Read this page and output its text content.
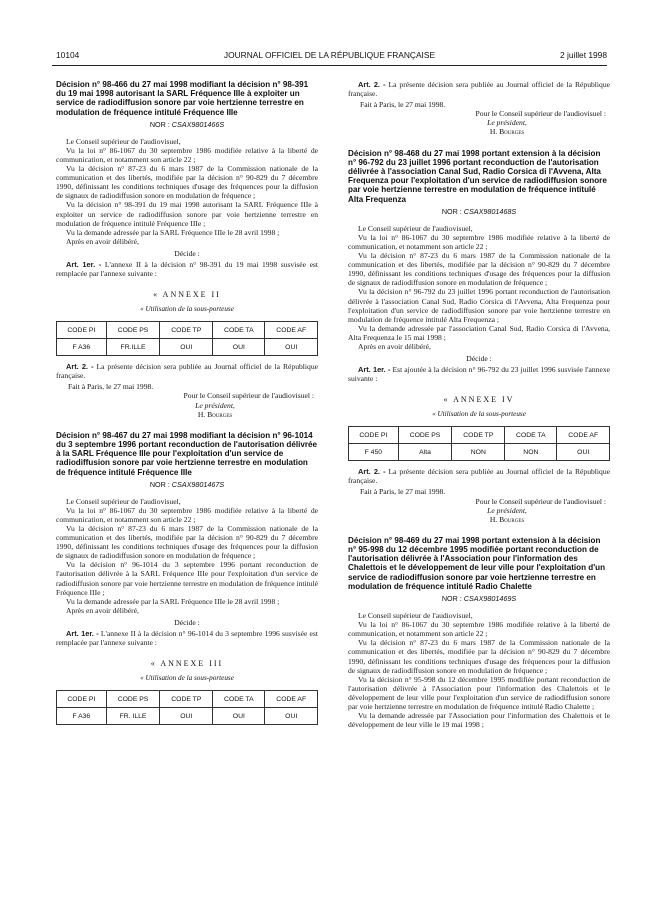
10104	JOURNAL OFFICIEL DE LA RÉPUBLIQUE FRANÇAISE	2 juillet 1998
Décision n° 98-466 du 27 mai 1998 modifiant la décision n° 98-391 du 19 mai 1998 autorisant la SARL Fréquence IIIe à exploiter un service de radiodiffusion sonore par voie hertzienne terrestre en modulation de fréquence intitulé Fréquence IIIe
NOR : CSAX9801466S

Le Conseil supérieur de l'audiovisuel,

Vu la loi n° 86-1067 du 30 septembre 1986 modifiée relative à la liberté de communication, et notamment son article 22 ;

Vu la décision n° 87-23 du 6 mars 1987 de la Commission nationale de la communication et des libertés, modifiée par la décision n° 90-829 du 7 décembre 1990, définissant les conditions techniques d'usage des fréquences pour la diffusion de signaux de radiodiffusion sonore en modulation de fréquence ;

Vu la décision n° 98-391 du 19 mai 1998 autorisant la SARL Fréquence IIIe à exploiter un service de radiodiffusion sonore par voie hertzienne terrestre en modulation de fréquence intitulé Fréquence IIIe ;

Vu la demande adressée par la SARL Fréquence IIIe le 28 avril 1998 ;

Après en avoir délibéré,

Décide :

Art. 1er. - L'annexe II à la décision n° 98-391 du 19 mai 1998 susvisée est remplacée par l'annexe suivante :

« ANNEXE II
« Utilisation de la sous-porteuse
CODE PI	CODE PS	CODE TP	CODE TA	CODE AF
F A36	FR.ILLE	OUI	OUI	OUI

Art. 2. - La présente décision sera publiée au Journal officiel de la République française.

Fait à Paris, le 27 mai 1998.
Pour le Conseil supérieur de l'audiovisuel :
Le président,
H. Bourges
Décision n° 98-467 du 27 mai 1998 modifiant la décision n° 96-1014 du 3 septembre 1996 portant reconduction de l'autorisation délivrée à la SARL Fréquence IIIe pour l'exploitation d'un service de radiodiffusion sonore par voie hertzienne terrestre en modulation de fréquence intitulé Fréquence IIIe
NOR : CSAX9801467S

Le Conseil supérieur de l'audiovisuel,

Vu la loi n° 86-1067 du 30 septembre 1986 modifiée relative à la liberté de communication, et notamment son article 22 ;

Vu la décision n° 87-23 du 6 mars 1987 de la Commission nationale de la communication et des libertés, modifiée par la décision n° 90-829 du 7 décembre 1990, définissant les conditions techniques d'usage des fréquences pour la diffusion de signaux de radiodiffusion sonore en modulation de fréquence ;

Vu la décision n° 96-1014 du 3 septembre 1996 portant reconduction de l'autorisation délivrée à la SARL Fréquence IIIe pour l'exploitation d'un service de radiodiffusion sonore par voie hertzienne terrestre en modulation de fréquence intitulé Fréquence IIIe ;

Vu la demande adressée par la SARL Fréquence IIIe le 28 avril 1998 ;

Après en avoir délibéré,

Décide :

Art. 1er. - L'annexe II à la décision n° 96-1014 du 3 septembre 1996 susvisée est remplacée par l'annexe suivante :

« ANNEXE III
« Utilisation de la sous-porteuse
CODE PI	CODE PS	CODE TP	CODE TA	CODE AF
F A36	FR. ILLE	OUI	OUI	OUI

Art. 2. - La présente décision sera publiée au Journal officiel de la République française.

Fait à Paris, le 27 mai 1998.
Pour le Conseil supérieur de l'audiovisuel :
Le président,
H. Bourges
Décision n° 98-468 du 27 mai 1998 portant extension à la décision n° 96-792 du 23 juillet 1996 portant reconduction de l'autorisation délivrée à l'association Canal Sud, Radio Corsica di l'Avvena, Alta Frequenza pour l'exploitation d'un service de radiodiffusion sonore par voie hertzienne terrestre en modulation de fréquence intitulé Alta Frequenza
NOR : CSAX9801468S

Le Conseil supérieur de l'audiovisuel,

Vu la loi n° 86-1067 du 30 septembre 1986 modifiée relative à la liberté de communication, et notamment son article 22 ;

Vu la décision n° 87-23 du 6 mars 1987 de la Commission nationale de la communication et des libertés, modifiée par la décision n° 90-829 du 7 décembre 1990, définissant les conditions techniques d'usage des fréquences pour la diffusion de signaux de radiodiffusion sonore en modulation de fréquence ;

Vu la décision n° 96-792 du 23 juillet 1996 portant reconduction de l'autorisation délivrée à l'association Canal Sud, Radio Corsica di l'Avvena, Alta Frequenza pour l'exploitation d'un service de radiodiffusion sonore par voie hertzienne terrestre en modulation de fréquence intitulé Alta Frequenza ;

Vu la demande adressée par l'association Canal Sud, Radio Corsica di l'Avvena, Alta Frequenza le 15 mai 1998 ;

Après en avoir délibéré,

Décide :

Art. 1er. - Est ajoutée à la décision n° 96-792 du 23 juillet 1996 susvisée l'annexe suivante :

« ANNEXE IV
« Utilisation de la sous-porteuse
CODE PI	CODE PS	CODE TP	CODE TA	CODE AF
F 450	Alta	NON	NON	OUI

Art. 2. - La présente décision sera publiée au Journal officiel de la République française.

Fait à Paris, le 27 mai 1998.
Pour le Conseil supérieur de l'audiovisuel :
Le président,
H. Bourges
Décision n° 98-469 du 27 mai 1998 portant extension à la décision n° 95-998 du 12 décembre 1995 modifiée portant reconduction de l'autorisation délivrée à l'Association pour l'information des Chalettois et le développement de leur ville pour l'exploitation d'un service de radiodiffusion sonore par voie hertzienne terrestre en modulation de fréquence intitulé Radio Chalette
NOR : CSAX9801469S

Le Conseil supérieur de l'audiovisuel,

Vu la loi n° 86-1067 du 30 septembre 1986 modifiée relative à la liberté de communication, et notamment son article 22 ;

Vu la décision n° 87-23 du 6 mars 1987 de la Commission nationale de la communication et des libertés, modifiée par la décision n° 90-829 du 7 décembre 1990, définissant les conditions techniques d'usage des fréquences pour la diffusion de signaux de radiodiffusion sonore en modulation de fréquence ;

Vu la décision n° 95-998 du 12 décembre 1995 modifiée portant reconduction de l'autorisation délivrée à l'Association pour l'information des Chalettois et le développement de leur ville pour l'exploitation d'un service de radiodiffusion sonore par voie hertzienne terrestre en modulation de fréquence intitulé Radio Chalette ;

Vu la demande adressée par l'Association pour l'information des Chalettois et le développement de leur ville le 19 mai 1998 ;
